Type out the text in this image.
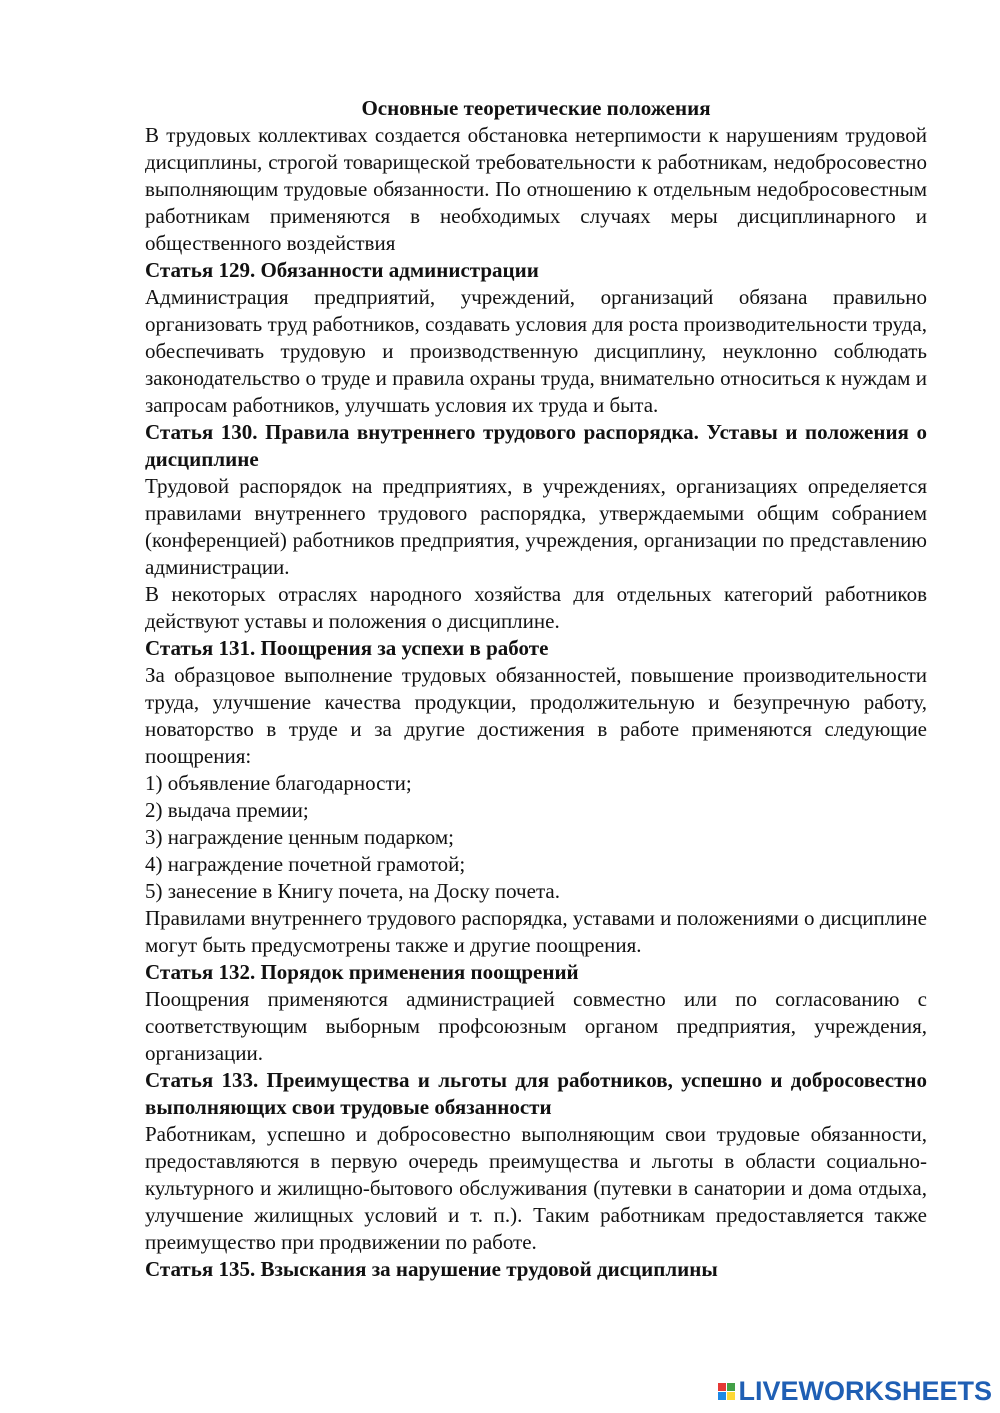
Основные теоретические положения

В трудовых коллективах создается обстановка нетерпимости к нарушениям трудовой дисциплины, строгой товарищеской требовательности к работникам, недобросовестно выполняющим трудовые обязанности. По отношению к отдельным недобросовестным работникам применяются в необходимых случаях меры дисциплинарного и общественного воздействия

Статья 129. Обязанности администрации

Администрация предприятий, учреждений, организаций обязана правильно организовать труд работников, создавать условия для роста производительности труда, обеспечивать трудовую и производственную дисциплину, неуклонно соблюдать законодательство о труде и правила охраны труда, внимательно относиться к нуждам и запросам работников, улучшать условия их труда и быта.

Статья 130. Правила внутреннего трудового распорядка. Уставы и положения о дисциплине

Трудовой распорядок на предприятиях, в учреждениях, организациях определяется правилами внутреннего трудового распорядка, утверждаемыми общим собранием (конференцией) работников предприятия, учреждения, организации по представлению администрации.

В некоторых отраслях народного хозяйства для отдельных категорий работников действуют уставы и положения о дисциплине.

Статья 131. Поощрения за успехи в работе

За образцовое выполнение трудовых обязанностей, повышение производительности труда, улучшение качества продукции, продолжительную и безупречную работу, новаторство в труде и за другие достижения в работе применяются следующие поощрения:

1) объявление благодарности;

2) выдача премии;

3) награждение ценным подарком;

4) награждение почетной грамотой;

5) занесение в Книгу почета, на Доску почета.

Правилами внутреннего трудового распорядка, уставами и положениями о дисциплине могут быть предусмотрены также и другие поощрения.

Статья 132. Порядок применения поощрений

Поощрения применяются администрацией совместно или по согласованию с соответствующим выборным профсоюзным органом предприятия, учреждения, организации.

Статья 133. Преимущества и льготы для работников, успешно и добросовестно выполняющих свои трудовые обязанности

Работникам, успешно и добросовестно выполняющим свои трудовые обязанности, предоставляются в первую очередь преимущества и льготы в области социально-культурного и жилищно-бытового обслуживания (путевки в санатории и дома отдыха, улучшение жилищных условий и т. п.). Таким работникам предоставляется также преимущество при продвижении по работе.

Статья 135. Взыскания за нарушение трудовой дисциплины

LIVEWORKSHEETS
